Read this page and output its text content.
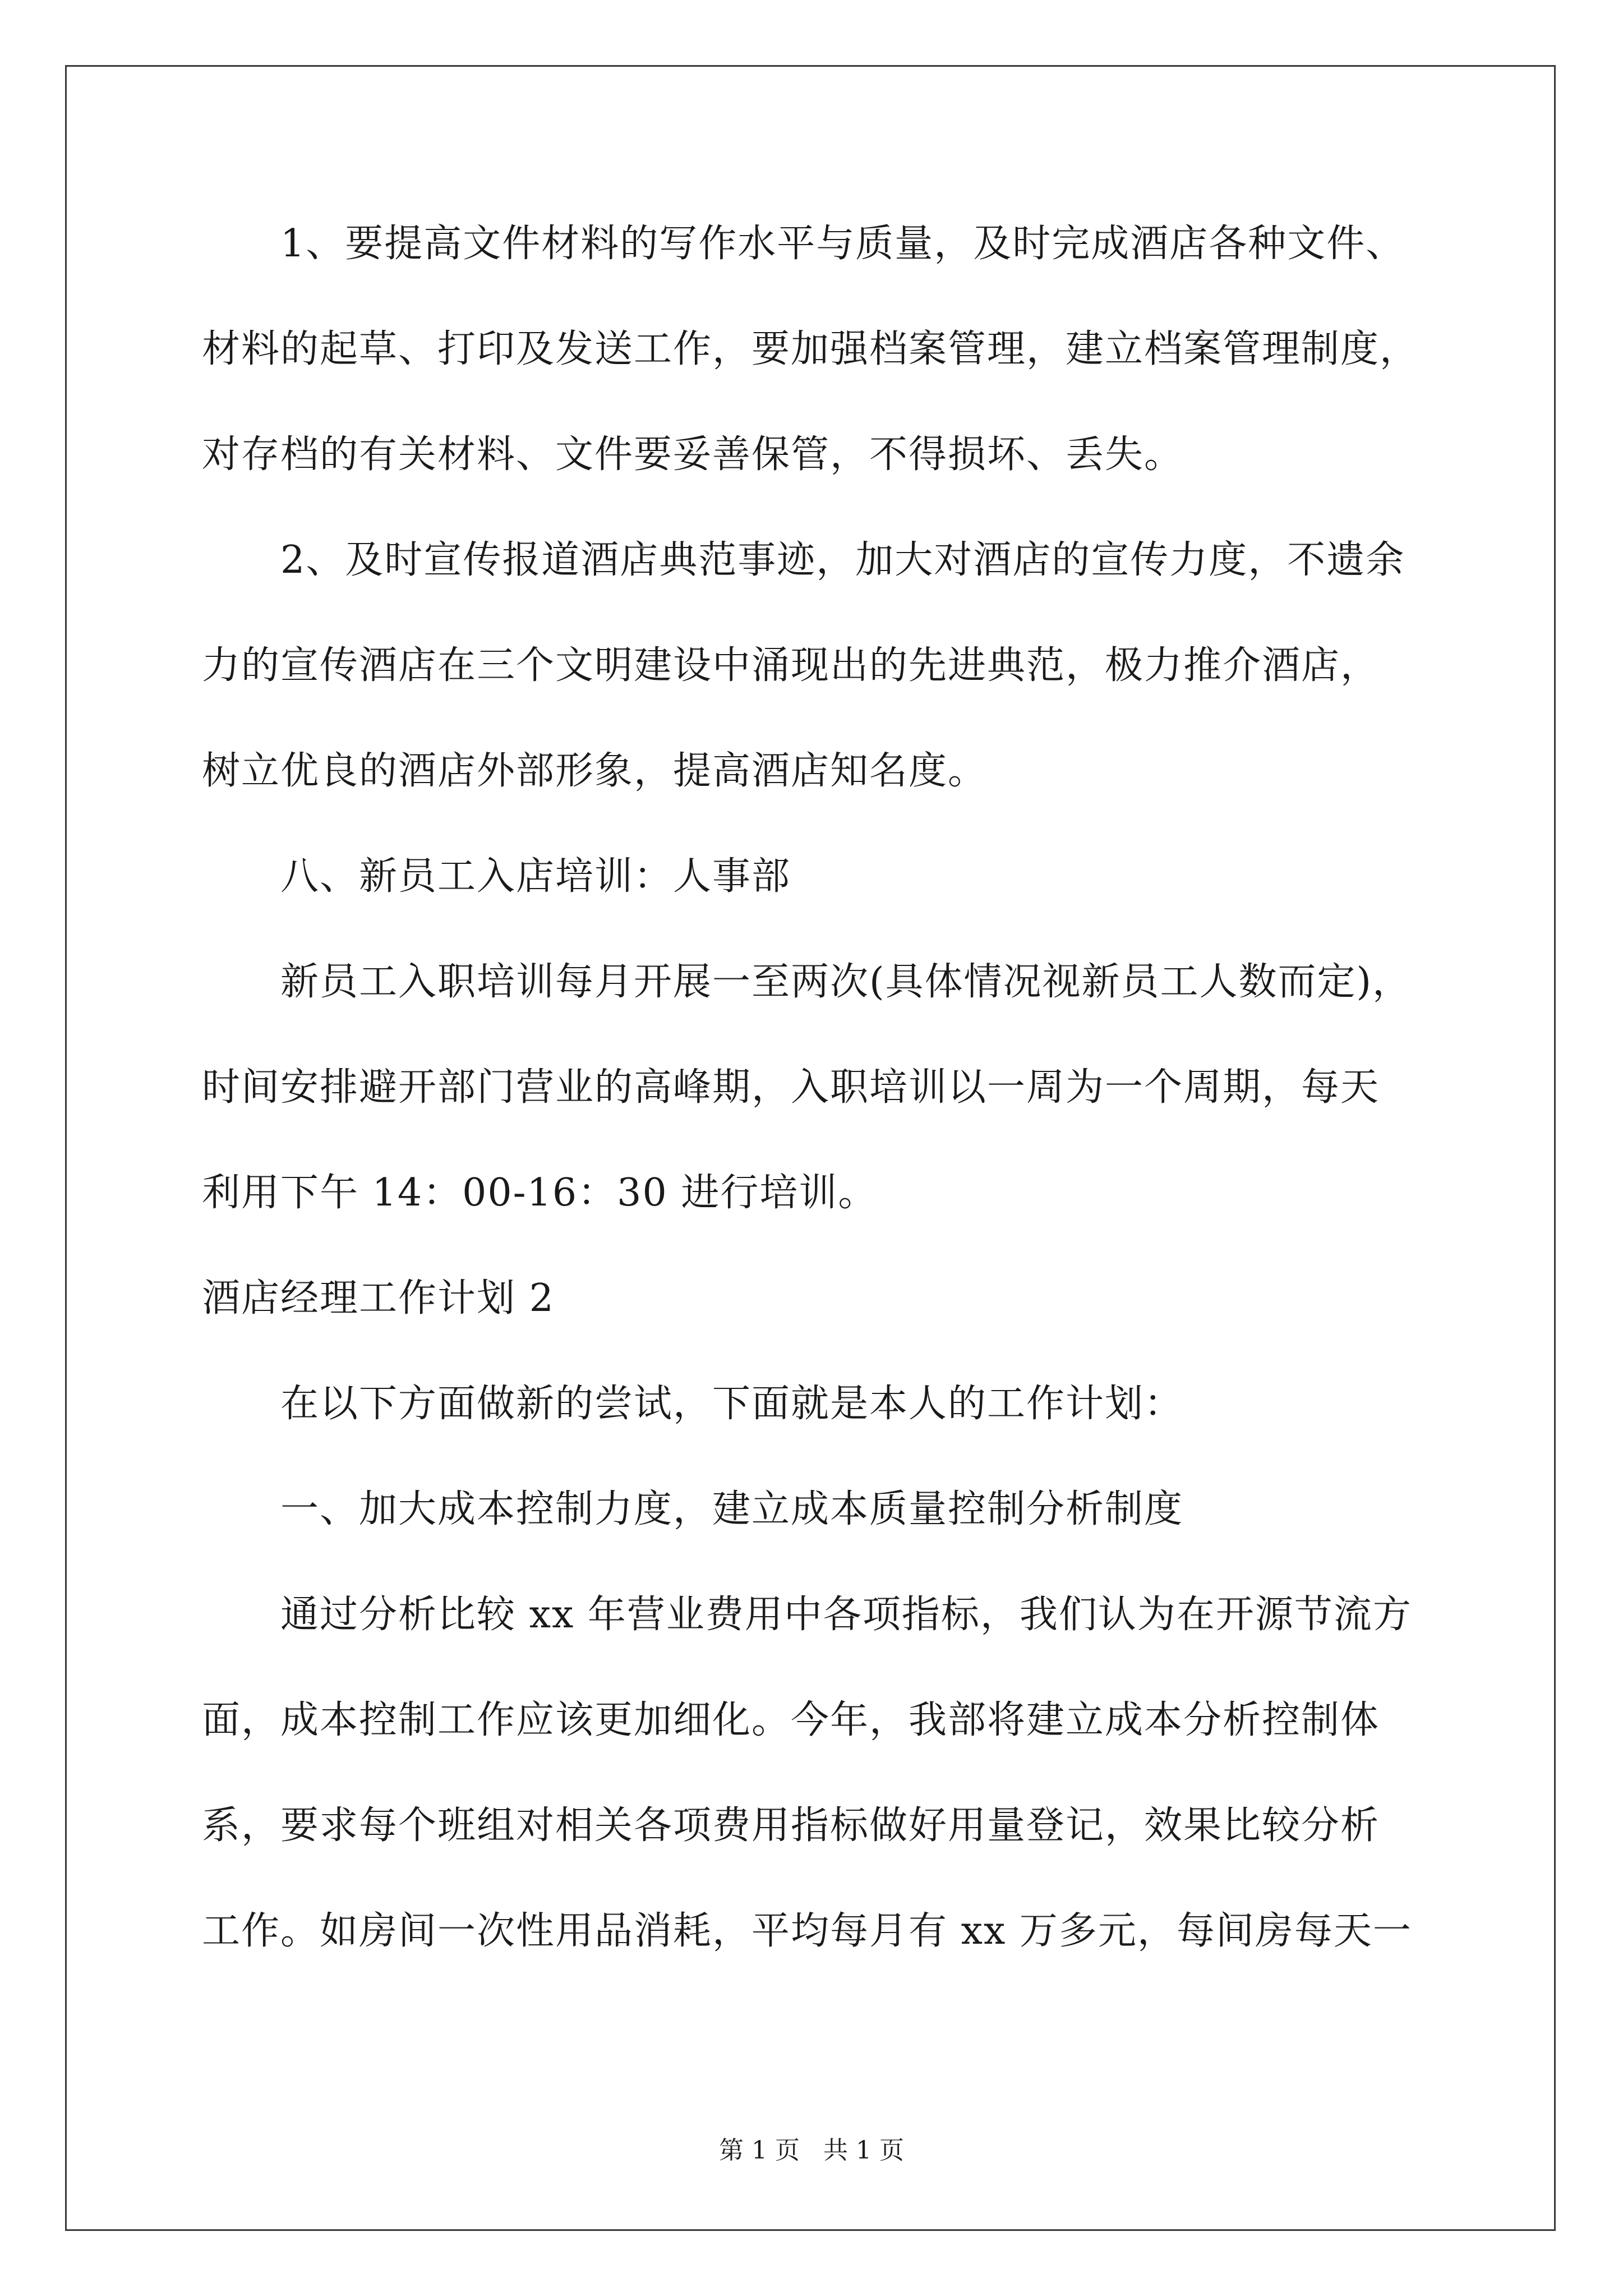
1、要提高文件材料的写作水平与质量，及时完成酒店各种文件、
材料的起草、打印及发送工作，要加强档案管理，建立档案管理制度，
对存档的有关材料、文件要妥善保管，不得损坏、丢失。
2、及时宣传报道酒店典范事迹，加大对酒店的宣传力度，不遗余
力的宣传酒店在三个文明建设中涌现出的先进典范，极力推介酒店，
树立优良的酒店外部形象，提高酒店知名度。
八、新员工入店培训：人事部
新员工入职培训每月开展一至两次(具体情况视新员工人数而定)，
时间安排避开部门营业的高峰期，入职培训以一周为一个周期，每天
利用下午 14：00-16：30 进行培训。
酒店经理工作计划 2
在以下方面做新的尝试，下面就是本人的工作计划：
一、加大成本控制力度，建立成本质量控制分析制度
通过分析比较 xx 年营业费用中各项指标，我们认为在开源节流方
面，成本控制工作应该更加细化。今年，我部将建立成本分析控制体
系，要求每个班组对相关各项费用指标做好用量登记，效果比较分析
工作。如房间一次性用品消耗，平均每月有 xx 万多元，每间房每天一
第 1 页   共 1 页
